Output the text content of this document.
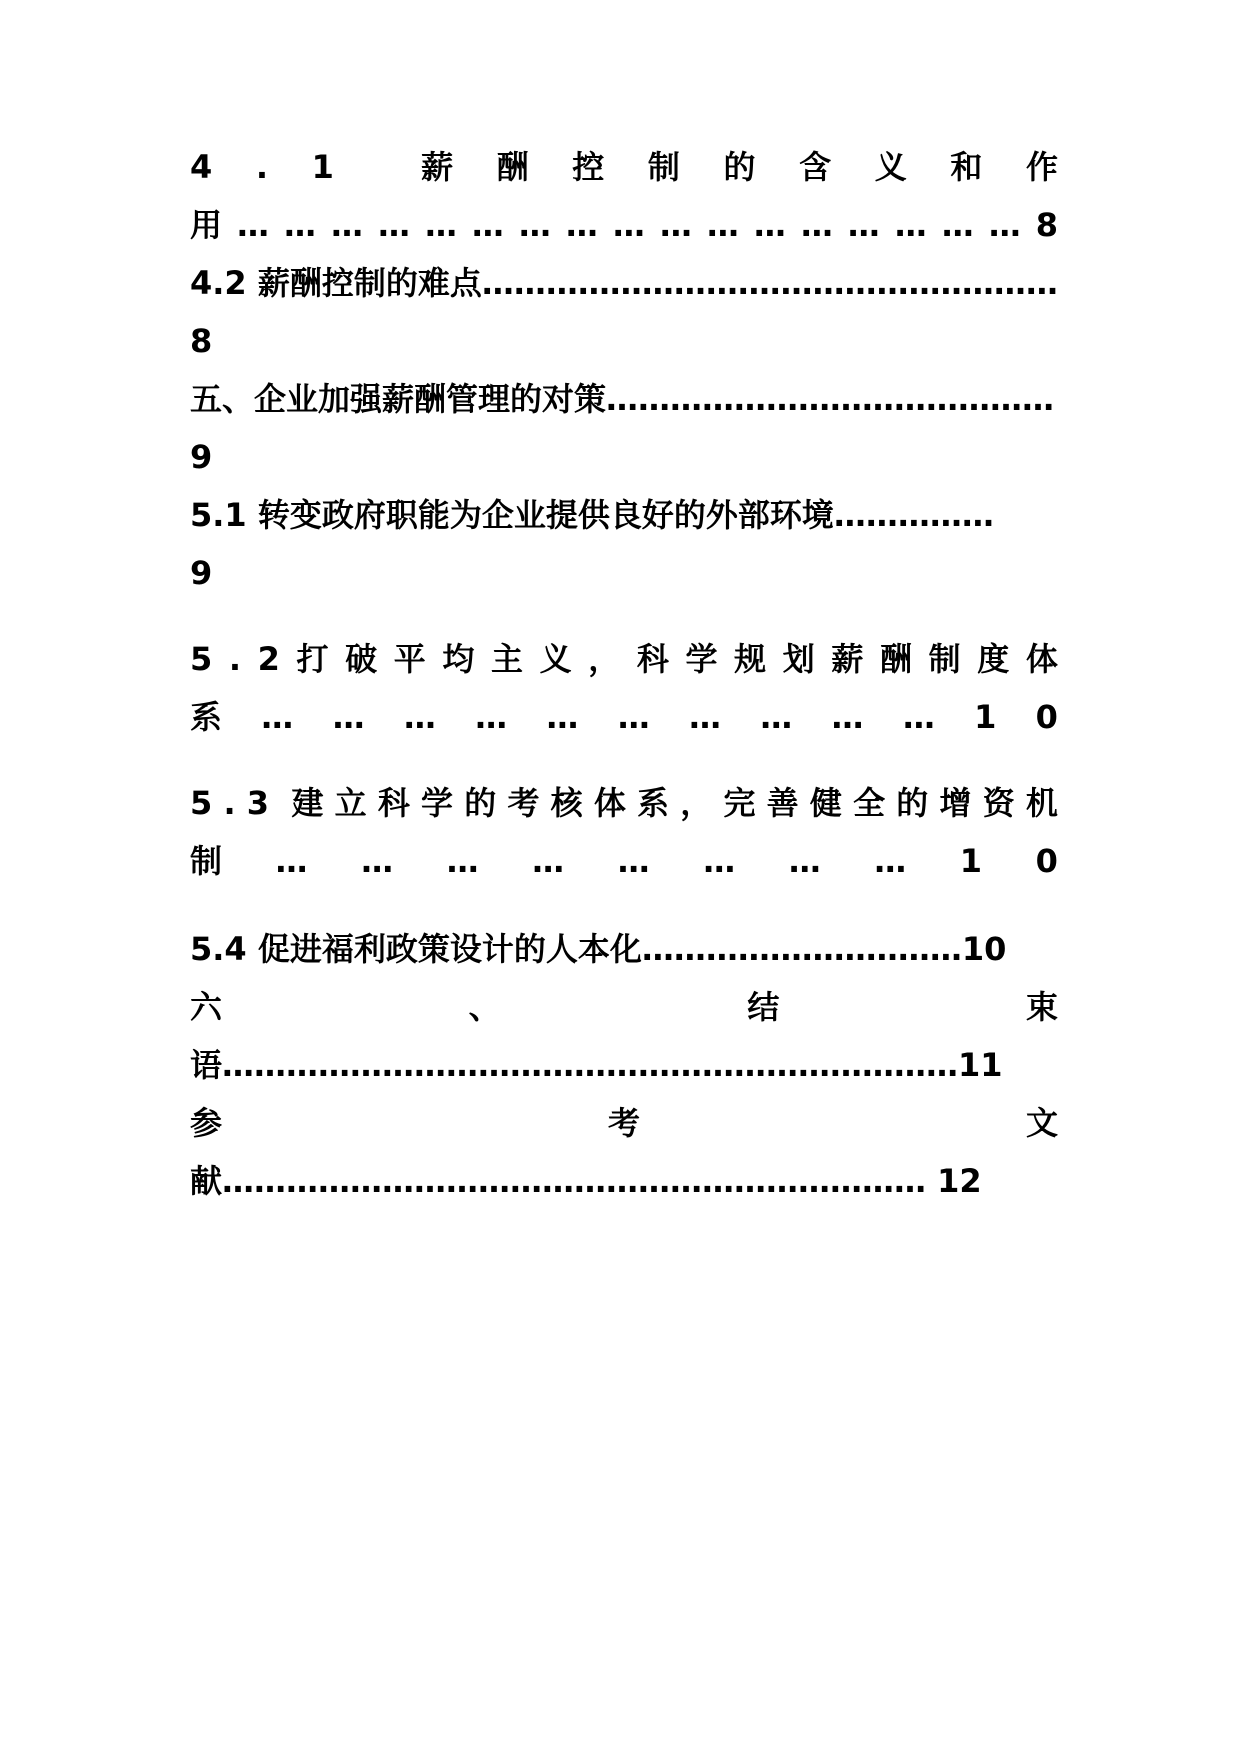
4 . 1	薪 酬 控 制 的 含 义 和 作
用 … … … … … … … … … … … … … … … … … 8
4.2 薪酬控制的难点………………………………………………
8
五、企业加强薪酬管理的对策……………………………………
9
5.1 转变政府职能为企业提供良好的外部环境……………
9
5 . 2 打 破 平 均 主 义 ， 科 学 规 划 薪 酬 制 度 体
系 … … … … … … … … … … 1 0
5 . 3 建 立 科 学 的 考 核 体 系 ， 完 善 健 全 的 增 资 机
制 … … … … … … … … 1 0
5.4 促进福利政策设计的人本化…………………………10
六	、	结	束
语……………………………………………………………11
参	考	文
献………………………………………………………… 12
